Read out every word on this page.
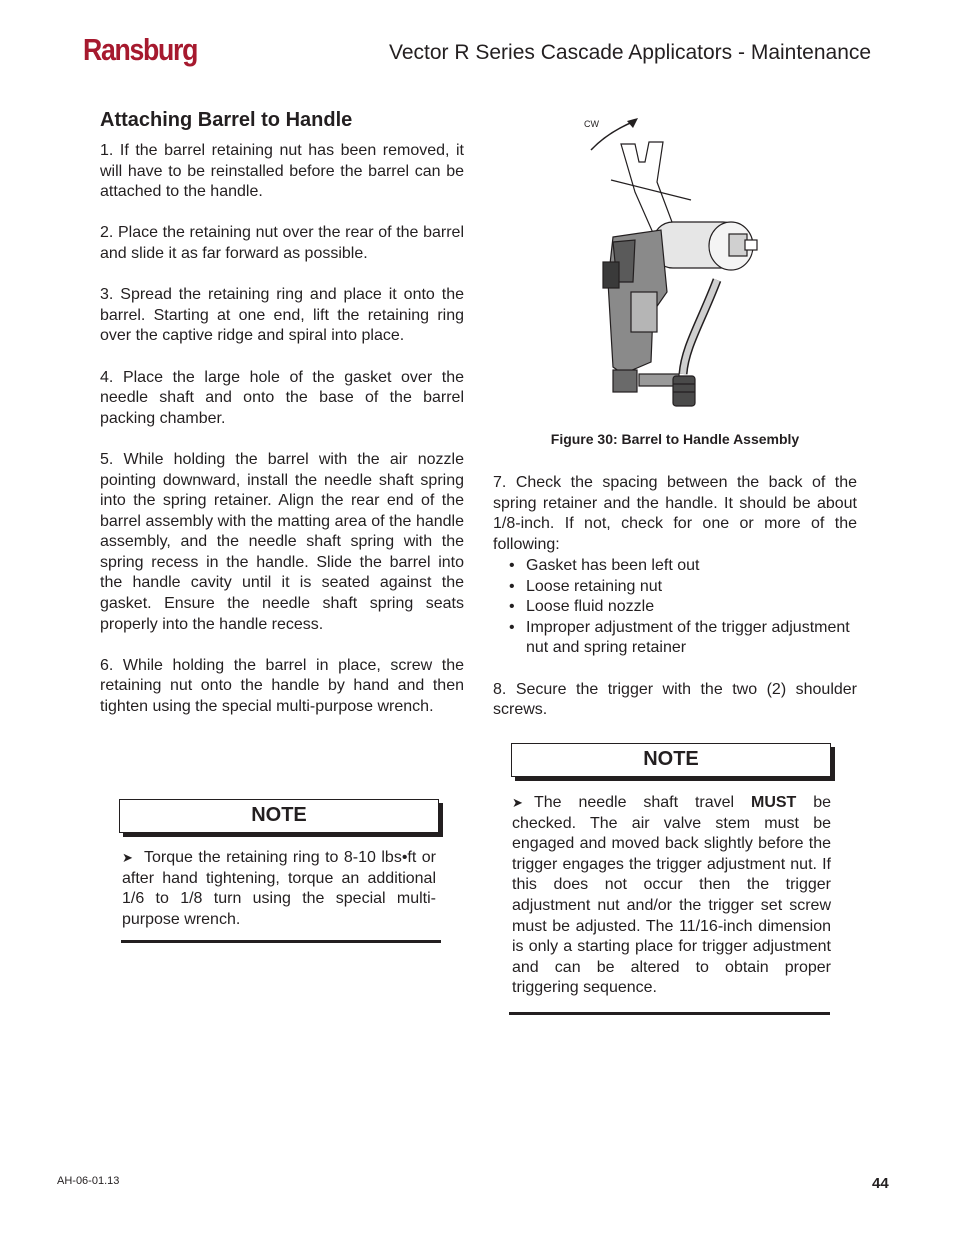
Ransburg	Vector R Series Cascade Applicators - Maintenance
Attaching Barrel to Handle

1. If the barrel retaining nut has been removed, it will have to be reinstalled before the barrel can be attached to the handle.

2. Place the retaining nut over the rear of the barrel and slide it as far forward as possible.

3. Spread the retaining ring and place it onto the barrel. Starting at one end, lift the retaining ring over the captive ridge and spiral into place.

4. Place the large hole of the gasket over the needle shaft and onto the base of the barrel packing chamber.

5. While holding the barrel with the air nozzle pointing downward, install the needle shaft spring into the spring retainer. Align the rear end of the barrel assembly with the matting area of the handle assembly, and the needle shaft spring with the spring recess in the handle. Slide the barrel into the handle cavity until it is seated against the gasket. Ensure the needle shaft spring seats properly into the handle recess.

6. While holding the barrel in place, screw the retaining nut onto the handle by hand and then tighten using the special multi-purpose wrench.

CW
Figure 30: Barrel to Handle Assembly

7. Check the spacing between the back of the spring retainer and the handle. It should be about 1/8-inch. If not, check for one or more of the following:

• Gasket has been left out
• Loose retaining nut
• Loose fluid nozzle
• Improper adjustment of the trigger adjustment nut and spring retainer

8. Secure the trigger with the two (2) shoulder screws.

NOTE
➤ The needle shaft travel MUST be checked. The air valve stem must be engaged and moved back slightly before the trigger engages the trigger adjustment nut. If this does not occur then the trigger adjustment nut and/or the trigger set screw must be adjusted. The 11/16-inch dimension is only a starting place for trigger adjustment and can be altered to obtain proper triggering sequence.
NOTE
➤ Torque the retaining ring to 8-10 lbs•ft or after hand tightening, torque an additional 1/6 to 1/8 turn using the special multi-purpose wrench.
AH-06-01.13	44
